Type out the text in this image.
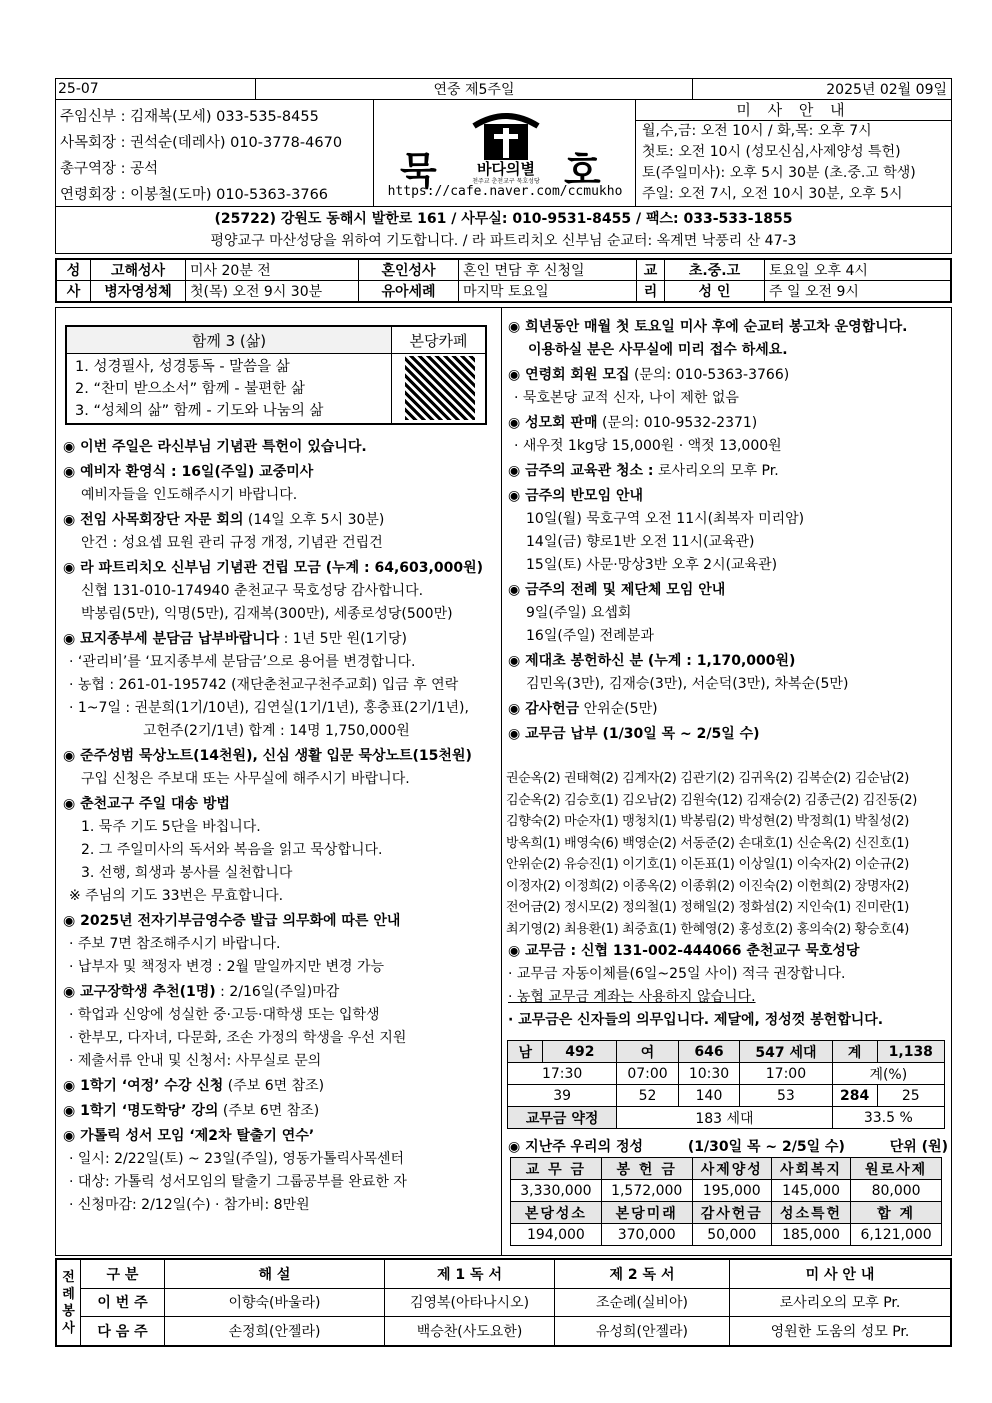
25-07	연중 제5주일	2025년 02월 09일
주임신부 : 김재복(모세) 033-535-8455
사목회장 : 권석순(데레사) 010-3778-4670
총구역장 : 공석
연령회장 : 이봉철(도마) 010-5363-3766
묵	호
바다의별
천주교 춘천교구 묵호성당
https://cafe.naver.com/ccmukho
미 사 안 내
월,수,금: 오전 10시 / 화,목: 오후 7시
첫토: 오전 10시 (성모신심,사제양성 특헌)
토(주일미사): 오후 5시 30분 (초.중.고 학생)
주일: 오전 7시, 오전 10시 30분, 오후 5시
(25722) 강원도 동해시 발한로 161 / 사무실: 010-9531-8455 / 팩스: 033-533-1855
평양교구 마산성당을 위하여 기도합니다. / 라 파트리치오 신부님 순교터: 옥계면 낙풍리 산 47-3
성	고해성사	미사 20분 전	혼인성사	혼인 면담 후 신청일	교	초.중.고	토요일 오후 4시
사	병자영성체	첫(목) 오전 9시 30분	유아세례	마지막 토요일	리	성 인	주 일 오전 9시
함께 3 (삶)	본당카페
1. 성경필사, 성경통독 - 말씀을 삶
2. “찬미 받으소서” 함께 - 불편한 삶
3. “성체의 삶” 함께 - 기도와 나눔의 삶
◉ 이번 주일은 라신부님 기념관 특헌이 있습니다.
◉ 예비자 환영식 : 16일(주일) 교중미사
예비자들을 인도해주시기 바랍니다.
◉ 전임 사목회장단 자문 회의 (14일 오후 5시 30분)
안건 : 성요셉 묘원 관리 규정 개정, 기념관 건립건
◉ 라 파트리치오 신부님 기념관 건립 모금 (누계 : 64,603,000원)
신협 131-010-174940 춘천교구 묵호성당 감사합니다.
박봉림(5만), 익명(5만), 김재복(300만), 세종로성당(500만)
◉ 묘지종부세 분담금 납부바랍니다 : 1년 5만 원(1기당)
· ‘관리비’를 ‘묘지종부세 분담금’으로 용어를 변경합니다.
· 농협 : 261-01-195742 (재단춘천교구천주교회) 입금 후 연락
· 1~7일 : 권분희(1기/10년), 김연실(1기/1년), 홍충표(2기/1년),
고헌주(2기/1년) 합계 : 14명 1,750,000원
◉ 준주성범 묵상노트(14천원), 신심 생활 입문 묵상노트(15천원)
구입 신청은 주보대 또는 사무실에 해주시기 바랍니다.
◉ 춘천교구 주일 대송 방법
1. 묵주 기도 5단을 바칩니다.
2. 그 주일미사의 독서와 복음을 읽고 묵상합니다.
3. 선행, 희생과 봉사를 실천합니다
※ 주님의 기도 33번은 무효합니다.
◉ 2025년 전자기부금영수증 발급 의무화에 따른 안내
· 주보 7면 참조해주시기 바랍니다.
· 납부자 및 책정자 변경 : 2월 말일까지만 변경 가능
◉ 교구장학생 추천(1명) : 2/16일(주일)마감
· 학업과 신앙에 성실한 중·고등·대학생 또는 입학생
· 한부모, 다자녀, 다문화, 조손 가정의 학생을 우선 지원
· 제출서류 안내 및 신청서: 사무실로 문의
◉ 1학기 ‘여정’ 수강 신청 (주보 6면 참조)
◉ 1학기 ‘명도학당’ 강의 (주보 6면 참조)
◉ 가톨릭 성서 모임 ‘제2차 탈출기 연수’
· 일시: 2/22일(토) ~ 23일(주일), 영동가톨릭사목센터
· 대상: 가톨릭 성서모임의 탈출기 그룹공부를 완료한 자
· 신청마감: 2/12일(수) · 참가비: 8만원
◉ 희년동안 매월 첫 토요일 미사 후에 순교터 봉고차 운영합니다.
이용하실 분은 사무실에 미리 접수 하세요.
◉ 연령회 회원 모집 (문의: 010-5363-3766)
· 묵호본당 교적 신자, 나이 제한 없음
◉ 성모회 판매 (문의: 010-9532-2371)
· 새우젓 1kg당 15,000원 · 액젓 13,000원
◉ 금주의 교육관 청소 : 로사리오의 모후 Pr.
◉ 금주의 반모임 안내
10일(월) 묵호구역 오전 11시(최복자 미리암)
14일(금) 향로1반 오전 11시(교육관)
15일(토) 사문·망상3반 오후 2시(교육관)
◉ 금주의 전례 및 제단체 모임 안내
9일(주일) 요셉회
16일(주일) 전례분과
◉ 제대초 봉헌하신 분 (누계 : 1,170,000원)
김민옥(3만), 김재승(3만), 서순덕(3만), 차복순(5만)
◉ 감사헌금 안위순(5만)
◉ 교무금 납부 (1/30일 목 ~ 2/5일 수)
권순옥(2) 권태혁(2) 김계자(2) 김관기(2) 김귀옥(2) 김복순(2) 김순남(2)
김순옥(2) 김승호(1) 김오남(2) 김원숙(12) 김재승(2) 김종근(2) 김진동(2)
김향숙(2) 마순자(1) 맹청치(1) 박봉림(2) 박성현(2) 박정희(1) 박칠성(2)
방옥희(1) 배영숙(6) 백영순(2) 서동준(2) 손대호(1) 신순옥(2) 신진호(1)
안위순(2) 유승진(1) 이기호(1) 이돈표(1) 이상일(1) 이숙자(2) 이순규(2)
이정자(2) 이정희(2) 이종옥(2) 이종휘(2) 이진숙(2) 이헌희(2) 장명자(2)
전어금(2) 정시모(2) 정의철(1) 정해일(2) 정화섬(2) 지인숙(1) 진미란(1)
최기영(2) 최용환(1) 최중효(1) 한혜영(2) 홍성호(2) 홍의숙(2) 황승호(4)
◉ 교무금 : 신협 131-002-444066 춘천교구 묵호성당
· 교무금 자동이체를(6일~25일 사이) 적극 권장합니다.
· 농협 교무금 계좌는 사용하지 않습니다.
· 교무금은 신자들의 의무입니다. 제달에, 정성껏 봉헌합니다.
남	492	여	646	547 세대	계	1,138
17:30		07:00	10:30	17:00	계(%)	
39		52	140	53	284	25
교무금 약정		183 세대			33.5 %	
◉ 지난주 우리의 정성	(1/30일 목 ~ 2/5일 수)	단위 (원)
교 무 금	봉 헌 금	사제양성	사회복지	원로사제
3,330,000	1,572,000	195,000	145,000	80,000
본당성소	본당미래	감사헌금	성소특헌	합 계
194,000	370,000	50,000	185,000	6,121,000
전
례
봉
사	구 분	해 설	제 1 독 서	제 2 독 서	미 사 안 내
	이 번 주	이향숙(바울라)	김영복(아타나시오)	조순례(실비아)	로사리오의 모후 Pr.
	다 음 주	손정희(안젤라)	백승찬(사도요한)	유성희(안젤라)	영원한 도움의 성모 Pr.
